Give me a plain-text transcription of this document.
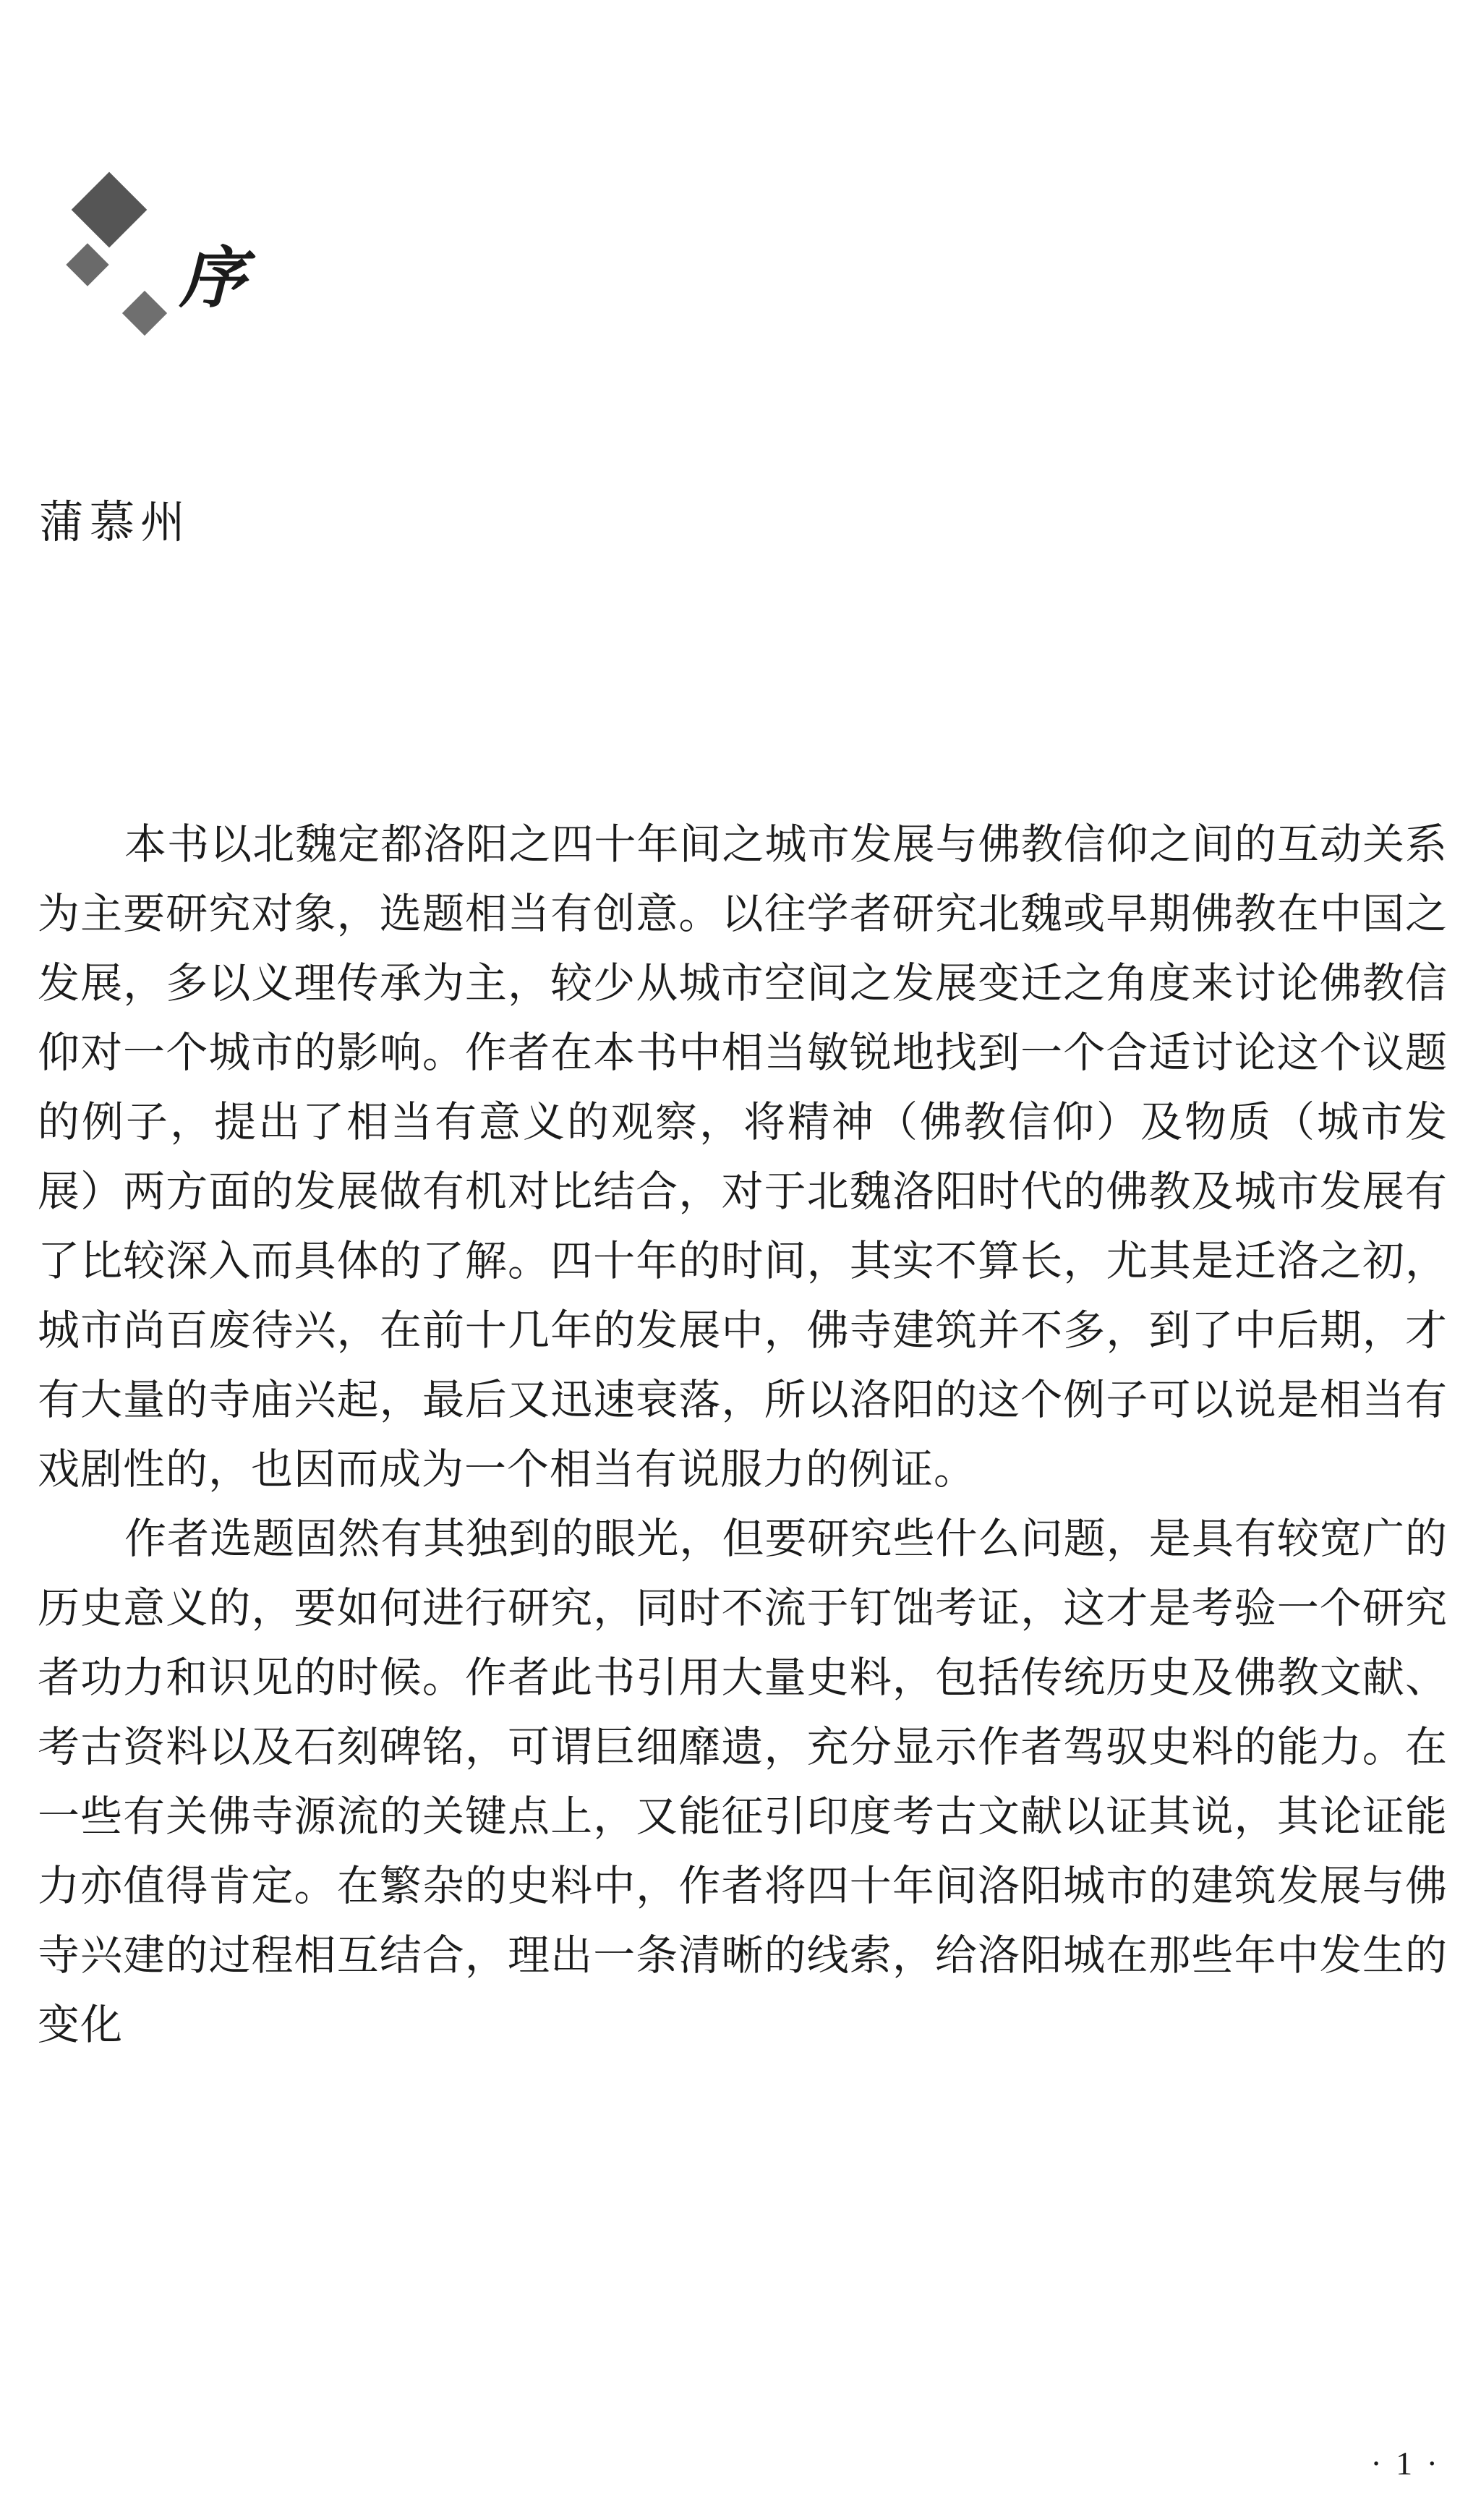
序
蒲慕州

本书以北魏定都洛阳之四十年间之城市发展与佛教信仰之间的互动关系为主要研究对象，选题相当有创意。以往学者研究北魏或早期佛教在中国之发展，多以义理传承为主，较少从城市空间之发展变迁之角度来讨论佛教信仰对一个城市的影响。作者在本书中相当敏锐地找到一个合适讨论这个议题的例子，提出了相当有意义的观察，将精神（佛教信仰）及物质（城市发展）两方面的发展做有机对比结合，对于北魏洛阳时代的佛教及城市发展有了比较深入而具体的了解。四十年的时间，其实不算长，尤其是迁洛之初，城市尚百废待兴，在前十几年的发展中，佛寺建筑并不多，到了中后期，才有大量的寺庙兴起，最后又迅速衰落，所以洛阳的这个例子可以说是相当有戏剧性的，也因而成为一个相当有说服力的例证。

作者选题固然有其独到的眼光，但要研究些什么问题，是具有较宽广的历史意义的，要如何进行研究，同时不流于钉饳考证，这才是考验一个研究者功力和识见的时候。作者此书引用大量史料，包括传统历史及佛教文献、考古资料以及石刻碑铭，可谓巨细靡遗，充分显示作者驾驭史料的能力。在一些有关佛寺源流的关键点上，又能征引印度考古文献以证其说，其论证能力亦值得肯定。在繁杂的史料中，作者将四十年间洛阳城市的建筑发展与佛寺兴建的过程相互结合，理出一条清晰的线索，给洛阳城在那些年中发生的变化

· 1 ·
